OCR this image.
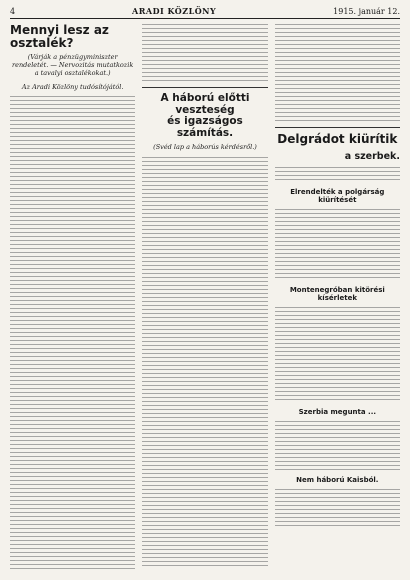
4	ARADI KÖZLÖNY	1915. január 12.
Mennyi lesz az osztalék?
(Várják a pénzügyminiszter rendeletét. — Nervozitás mutatkozik a tavalyi osztalékokat.)
Az Aradi Közlöny tudósítójától.
A háború előtti veszteség
és igazságos számítás.
(Svéd lap a háborús kérdésről.)
Delgrádot kiürítik
a szerbek.
Elrendelték a polgárság kiürítését
Montenegróban kitörési kísérletek
Szerbia megunta ...
Nem háború Kaisból.
